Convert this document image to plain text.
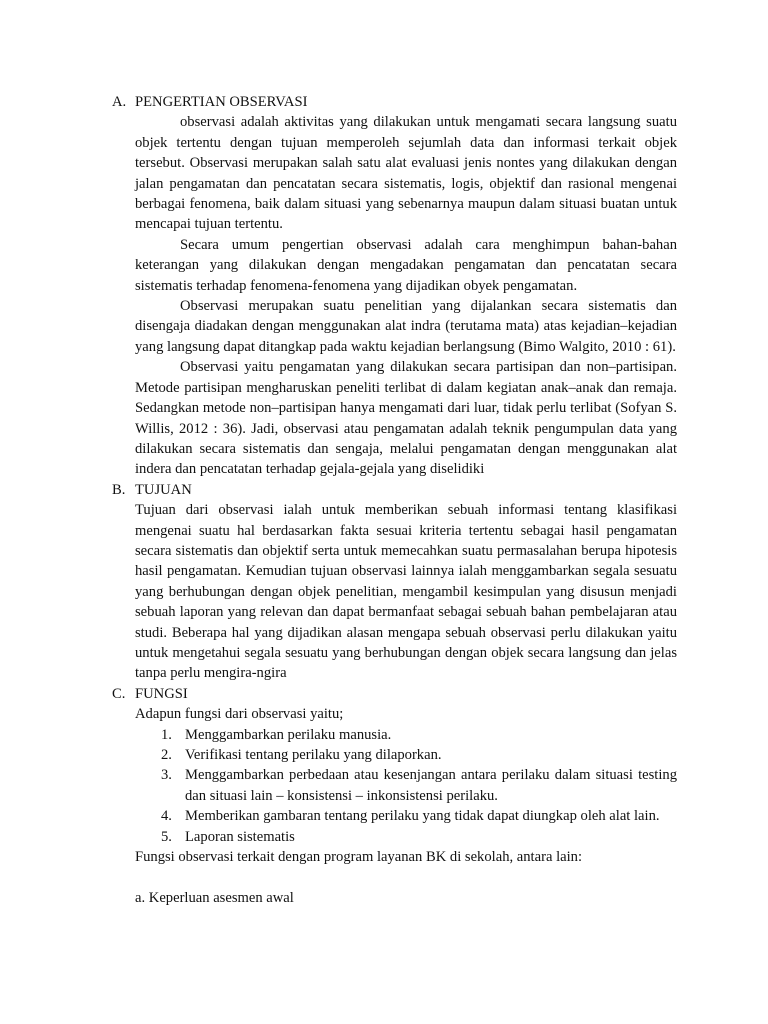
A. PENGERTIAN OBSERVASI

observasi adalah aktivitas yang dilakukan untuk mengamati secara langsung suatu objek tertentu dengan tujuan memperoleh sejumlah data dan informasi terkait objek tersebut. Observasi merupakan salah satu alat evaluasi jenis nontes yang dilakukan dengan jalan pengamatan dan pencatatan secara sistematis, logis, objektif dan rasional mengenai berbagai fenomena, baik dalam situasi yang sebenarnya maupun dalam situasi buatan untuk mencapai tujuan tertentu.

Secara umum pengertian observasi adalah cara menghimpun bahan-bahan keterangan yang dilakukan dengan mengadakan pengamatan dan pencatatan secara sistematis terhadap fenomena-fenomena yang dijadikan obyek pengamatan.

Observasi merupakan suatu penelitian yang dijalankan secara sistematis dan disengaja diadakan dengan menggunakan alat indra (terutama mata) atas kejadian–kejadian yang langsung dapat ditangkap pada waktu kejadian berlangsung (Bimo Walgito, 2010 : 61).

Observasi yaitu pengamatan yang dilakukan secara partisipan dan non–partisipan. Metode partisipan mengharuskan peneliti terlibat di dalam kegiatan anak–anak dan remaja. Sedangkan metode non–partisipan hanya mengamati dari luar, tidak perlu terlibat (Sofyan S. Willis, 2012 : 36). Jadi, observasi atau pengamatan adalah teknik pengumpulan data yang dilakukan secara sistematis dan sengaja, melalui pengamatan dengan menggunakan alat indera dan pencatatan terhadap gejala-gejala yang diselidiki

B. TUJUAN

Tujuan dari observasi ialah untuk memberikan sebuah informasi tentang klasifikasi mengenai suatu hal berdasarkan fakta sesuai kriteria tertentu sebagai hasil pengamatan secara sistematis dan objektif serta untuk memecahkan suatu permasalahan berupa hipotesis hasil pengamatan. Kemudian tujuan observasi lainnya ialah menggambarkan segala sesuatu yang berhubungan dengan objek penelitian, mengambil kesimpulan yang disusun menjadi sebuah laporan yang relevan dan dapat bermanfaat sebagai sebuah bahan pembelajaran atau studi. Beberapa hal yang dijadikan alasan mengapa sebuah observasi perlu dilakukan yaitu untuk mengetahui segala sesuatu yang berhubungan dengan objek secara langsung dan jelas tanpa perlu mengira-ngira

C. FUNGSI

Adapun fungsi dari observasi yaitu;

1. Menggambarkan perilaku manusia.
2. Verifikasi tentang perilaku yang dilaporkan.
3. Menggambarkan perbedaan atau kesenjangan antara perilaku dalam situasi testing dan situasi lain – konsistensi – inkonsistensi perilaku.
4. Memberikan gambaran tentang perilaku yang tidak dapat diungkap oleh alat lain.
5. Laporan sistematis

Fungsi observasi terkait dengan program layanan BK di sekolah, antara lain:

a. Keperluan asesmen awal
